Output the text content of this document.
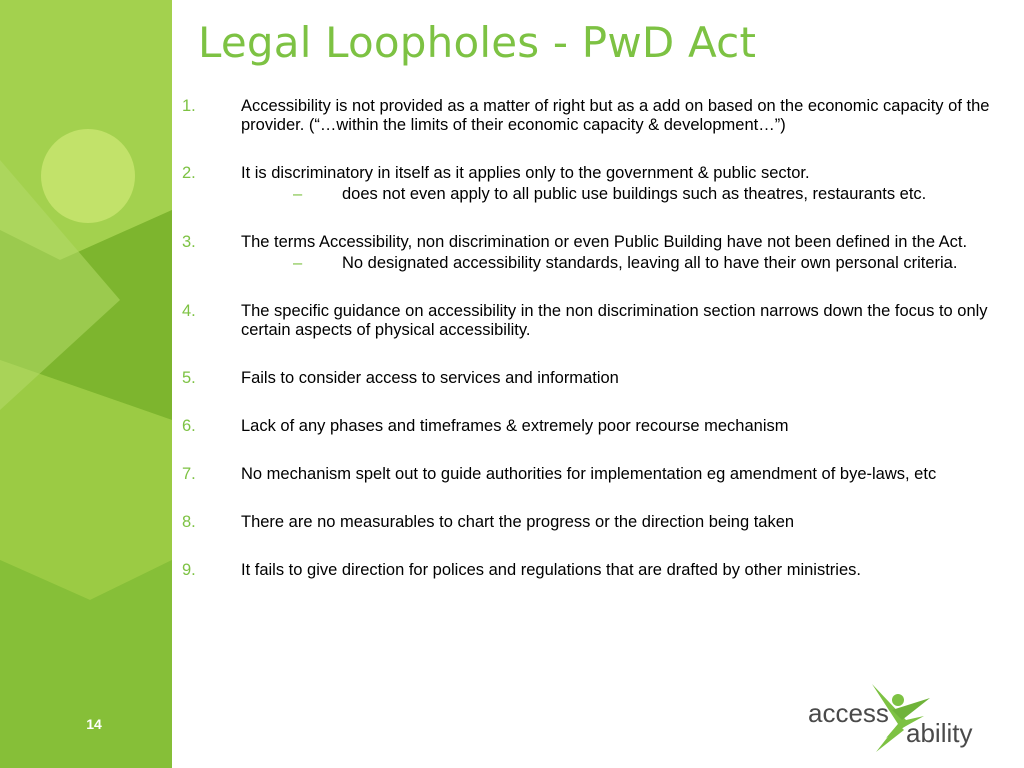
14
Legal Loopholes - PwD Act
1.	Accessibility is not provided as a matter of right but as a add on based on the economic capacity of the provider. (“…within the limits of their economic capacity & development…”)
2.	It is discriminatory in itself as it applies only to the government & public sector.
– does not even apply to all public use buildings such as theatres, restaurants etc.
3.	The terms Accessibility, non discrimination or even Public Building have not been defined in the Act.
– No designated accessibility standards, leaving all to have their own personal criteria.
4.	The specific guidance on accessibility in the non discrimination section narrows down the focus to only certain aspects of physical accessibility.
5.	Fails to consider access to services and information
6.	Lack of any phases and timeframes & extremely poor recourse mechanism
7.	No mechanism spelt out to guide authorities for implementation eg amendment of bye-laws, etc
8.	There are no measurables to chart the progress or the direction being taken
9.	It fails to give direction for polices and regulations that are drafted by other ministries.
access
ability
